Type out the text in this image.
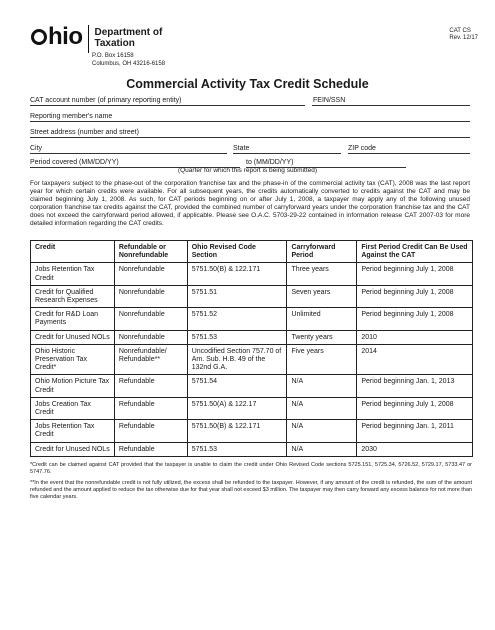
hio Department of
Taxation
P.O. Box 16158
Columbus, OH 43216-6158
CAT CS
Rev. 12/17
Commercial Activity Tax Credit Schedule
CAT account number (of primary reporting entity)	FEIN/SSN
Reporting member's name
Street address (number and street)
City	State	ZIP code
Period covered (MM/DD/YY)	to (MM/DD/YY)
(Quarter for which this report is being submitted)
For taxpayers subject to the phase-out of the corporation franchise tax and the phase-in of the commercial activity tax (CAT), 2008 was the last report year for which certain credits were available. For all subsequent years, the credits automatically converted to credits against the CAT and may be claimed beginning July 1, 2008. As such, for CAT periods beginning on or after July 1, 2008, a taxpayer may apply any of the following unused corporation franchise tax credits against the CAT, provided the combined number of carryforward years under the corporation franchise tax and the CAT does not exceed the carryforward period allowed, if applicable. Please see O.A.C. 5703-29-22 contained in information release CAT 2007-03 for more detailed information regarding the CAT credits.
Credit	Refundable or Nonrefundable	Ohio Revised Code Section	Carryforward Period	First Period Credit Can Be Used Against the CAT

Jobs Retention Tax Credit	Nonrefundable	5751.50(B) & 122.171	Three years	Period beginning July 1, 2008

Credit for Qualified Research Expenses	Nonrefundable	5751.51	Seven years	Period beginning July 1, 2008

Credit for R&D Loan Payments	Nonrefundable	5751.52	Unlimited	Period beginning July 1, 2008

Credit for Unused NOLs	Nonrefundable	5751.53	Twenty years	2010

Ohio Historic Preservation Tax Credit*	Nonrefundable/ Refundable**	Uncodified Section 757.70 of Am. Sub. H.B. 49 of the 132nd G.A.	Five years	2014

Ohio Motion Picture Tax Credit	Refundable	5751.54	N/A	Period beginning Jan. 1, 2013

Jobs Creation Tax Credit	Refundable	5751.50(A) & 122.17	N/A	Period beginning July 1, 2008

Jobs Retention Tax Credit	Refundable	5751.50(B) & 122.171	N/A	Period beginning Jan. 1, 2011

Credit for Unused NOLs	Refundable	5751.53	N/A	2030
*Credit can be claimed against CAT provided that the taxpayer is unable to claim the credit under Ohio Revised Code sections 5725.151, 5725.34, 5726.52, 5729.17, 5733.47 or 5747.76.
**In the event that the nonrefundable credit is not fully utilized, the excess shall be refunded to the taxpayer. However, if any amount of the credit is refunded, the sum of the amount refunded and the amount applied to reduce the tax otherwise due for that year shall not exceed $3 million. The taxpayer may then carry forward any excess balance for not more than five calendar years.
